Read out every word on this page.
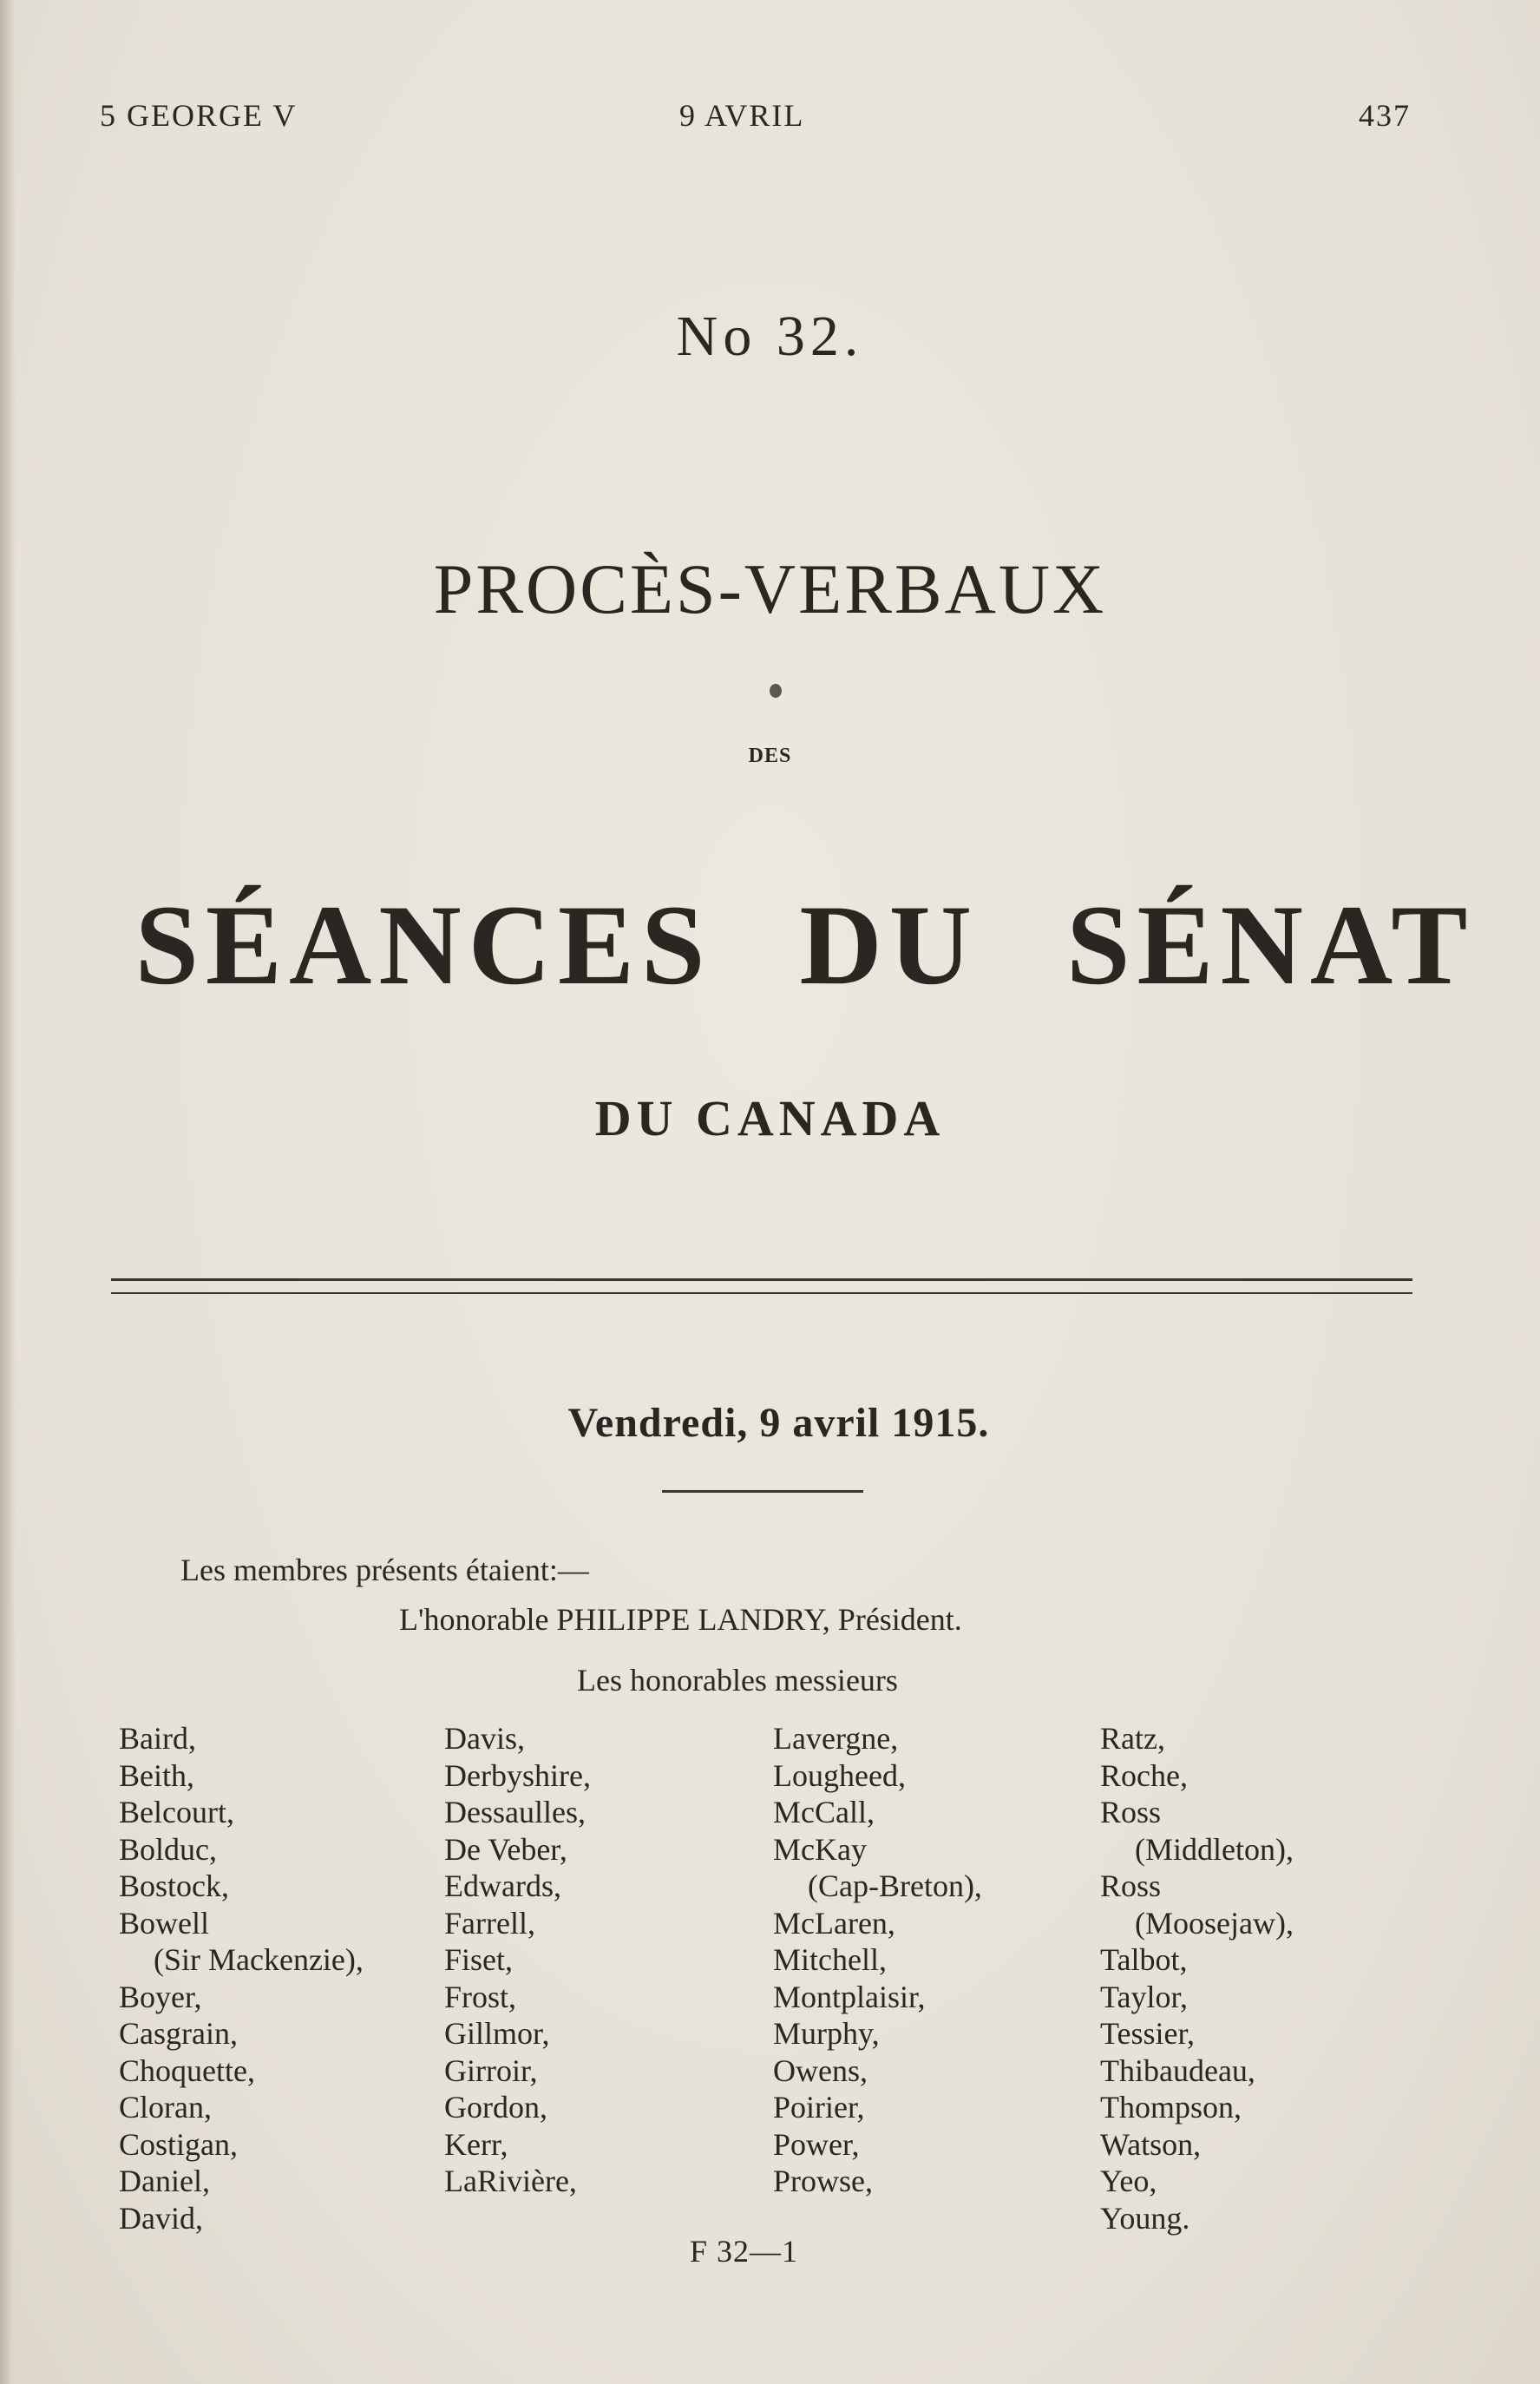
5 GEORGE V	9 AVRIL	437
No 32.
PROCÈS-VERBAUX
DES
SÉANCES DU SÉNAT
DU CANADA
Vendredi, 9 avril 1915.
Les membres présents étaient:—
L'honorable PHILIPPE LANDRY, Président.
Les honorables messieurs
Baird,
Beith,
Belcourt,
Bolduc,
Bostock,
Bowell
(Sir Mackenzie),
Boyer,
Casgrain,
Choquette,
Cloran,
Costigan,
Daniel,
David,
Davis,
Derbyshire,
Dessaulles,
De Veber,
Edwards,
Farrell,
Fiset,
Frost,
Gillmor,
Girroir,
Gordon,
Kerr,
LaRivière,
Lavergne,
Lougheed,
McCall,
McKay
(Cap-Breton),
McLaren,
Mitchell,
Montplaisir,
Murphy,
Owens,
Poirier,
Power,
Prowse,
Ratz,
Roche,
Ross
(Middleton),
Ross
(Moosejaw),
Talbot,
Taylor,
Tessier,
Thibaudeau,
Thompson,
Watson,
Yeo,
Young.
F 32—1
